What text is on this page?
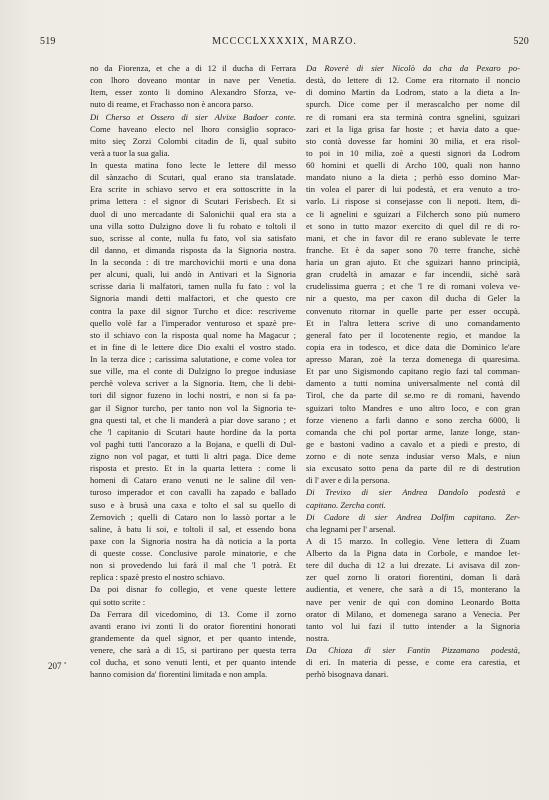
519	MCCCCLXXXXIX, MARZO.	520
no da Fiorenza, et che a di 12 il ducha di Ferrara
con lhoro doveano montar in nave per Venetia.
Item, esser zonto li domino Alexandro Sforza, ve-
nuto di reame, et Frachasso non è ancora parso.
Di Cherso et Ossero di sier Alvixe Badoer conte.
Come haveano electo nel lhoro consiglio sopraco-
mito sieç Zorzi Colombi citadin de lì, qual subito
verà a tuor la sua galia.
In questa matina fono lecte le lettere dil messo
dil sànzacho di Scutari, qual erano sta translatade.
Era scrite in schiavo servo et era sottoscritte in la
prima lettera : el signor di Scutari Ferisbech. Et si
duol di uno mercadante di Salonichii qual era sta a
una villa sotto Dulzigno dove li fu robato e toltoli il
suo, scrisse al conte, nulla fu fato, vol sia satisfato
dil danno, et dimanda risposta da la Signoria nostra.
In la seconda : di tre marchovichii morti e una dona
per alcuni, quali, lui andò in Antivari et la Signoria
scrisse daria li malfatori, tamen nulla fu fato : vol la
Signoria mandi detti malfactori, et che questo cre
contra la paxe dil signor Turcho et dice: rescriveme
quello volè far a l'imperador venturoso et spazè pre-
sto il schiavo con la risposta qual nome ha Magacur ;
et in fine di le lettere dice Dio exalti el vostro stado.
In la terza dice ; carissima salutatione, e come volea tor
sue ville, ma el conte di Dulzigno lo pregoe indusiase
perchè voleva scriver a la Signoria. Item, che li debi-
tori dil signor fuzeno in lochi nostri, e non si fa pa-
gar il Signor turcho, per tanto non vol la Signoria te-
gna questi tal, et che li manderà a piar dove sarano ; et
che 'l capitanio di Scutari haute hordine da la porta
vol paghi tutti l'ancorazo a la Bojana, e quelli di Dul-
zigno non vol pagar, et tutti li altri paga. Dice deme
risposta et presto. Et in la quarta lettera : come li
homeni di Cataro erano venuti ne le saline dil ven-
turoso imperador et con cavalli ha zapado e ballado
suso e à brusà una caxa e tolto el sal su quello di
Zernovich ; quelli di Cataro non lo lassò portar a le
saline, à batu li soi, e toltoli il sal, et essendo bona
paxe con la Signoria nostra ha dà noticia a la porta
di queste cosse. Conclusive parole minatorie, e che
non si provedendo lui farà il mal che 'l potrà. Et
replica : spazè presto el nostro schiavo.
Da poi disnar fo collegio, et vene queste lettere
qui sotto scrite :
Da Ferrara dil vicedomino, di 13. Come il zorno
avanti erano ivi zonti li do orator fiorentini honorati
grandemente da quel signor, et per quanto intende,
venere, che sarà a di 15, si partirano per questa terra
col ducha, et sono venuti lenti, et per quanto intende
hanno comision da' fiorentini limitada e non ampla.
Da Roverè di sier Nicolò da cha da Pexaro po-
destà, do lettere di 12. Come era ritornato il noncio
di domino Martin da Lodrom, stato a la dieta a In-
spurch. Dice come per il merascalcho per nome dil
re di romani era sta terminà contra sgnelini, sguizari
zari et la liga grisa far hoste ; et havia dato a que-
sto contà dovesse far homini 30 milia, et era risol-
to poi in 10 milia, zoè a questi signori da Lodrom
60 homini et quelli di Archo 100, quali non hanno
mandato niuno a la dieta ; perhò esso domino Mar-
tin volea el parer di lui podestà, et era venuto a tro-
varlo. Li rispose si consejasse con li nepoti. Item, di-
ce li agnelini e sguizari a Filcherch sono più numero
et sono in tutto mazor exercito di quel dil re di ro-
mani, et che in favor dil re erano sublevate le terre
franche. Et è da saper sono 70 terre franche, sichè
haria un gran ajuto. Et che sguizari hanno principià,
gran crudeltà in amazar e far incendii, sichè sarà
crudelissima guerra ; et che 'l re di romani voleva ve-
nir a questo, ma per caxon dil ducha di Geler la
convenuto ritornar in quelle parte per esser occupà.
Et in l'altra lettera scrive di uno comandamento
general fato per il locotenente regio, et mandoe la
copia era in todesco, et dice data die Dominico le'are
apresso Maran, zoè la terza domenega di quaresima.
Et par uno Sigismondo capitano regio fazi tal comman-
damento a tutti nomina universalmente nel contà dil
Tirol, che da parte dil se.mo re di romani, havendo
sguizari tolto Mandres e uno altro loco, e con gran
forze vieneno a farli danno e sono zercha 6000, li
comanda che chi pol portar arme, lanze longe, stan-
ge e bastoni vadino a cavalo et a piedi e presto, di
zorno e di note senza indusiar verso Mals, e niun
sia excusato sotto pena da parte dil re di destrution
di l' aver e di la persona.
Di Trevixo di sier Andrea Dandolo podestà e
capitano. Zercha conti.
Di Cadore di sier Andrea Dolfim capitano. Zer-
cha legnami per l' arsenal.
A di 15 marzo. In collegio. Vene lettera di Zuam
Alberto da la Pigna data in Corbole, e mandoe let-
tere dil ducha di 12 a lui drezate. Li avisava dil zon-
zer quel zorno li oratori fiorentini, doman li darà
audientia, et venere, che sarà a di 15, monterano la
nave per venir de quì con domino Leonardo Botta
orator di Milano, et domenega sarano a Venecia. Per
tanto vol lui fazi il tutto intender a la Signoria
nostra.
Da Chioza di sier Fantin Pizzamano podestà,
di eri. In materia di pesse, e come era carestia, et
perhò bisognava danari.
207 ˚
